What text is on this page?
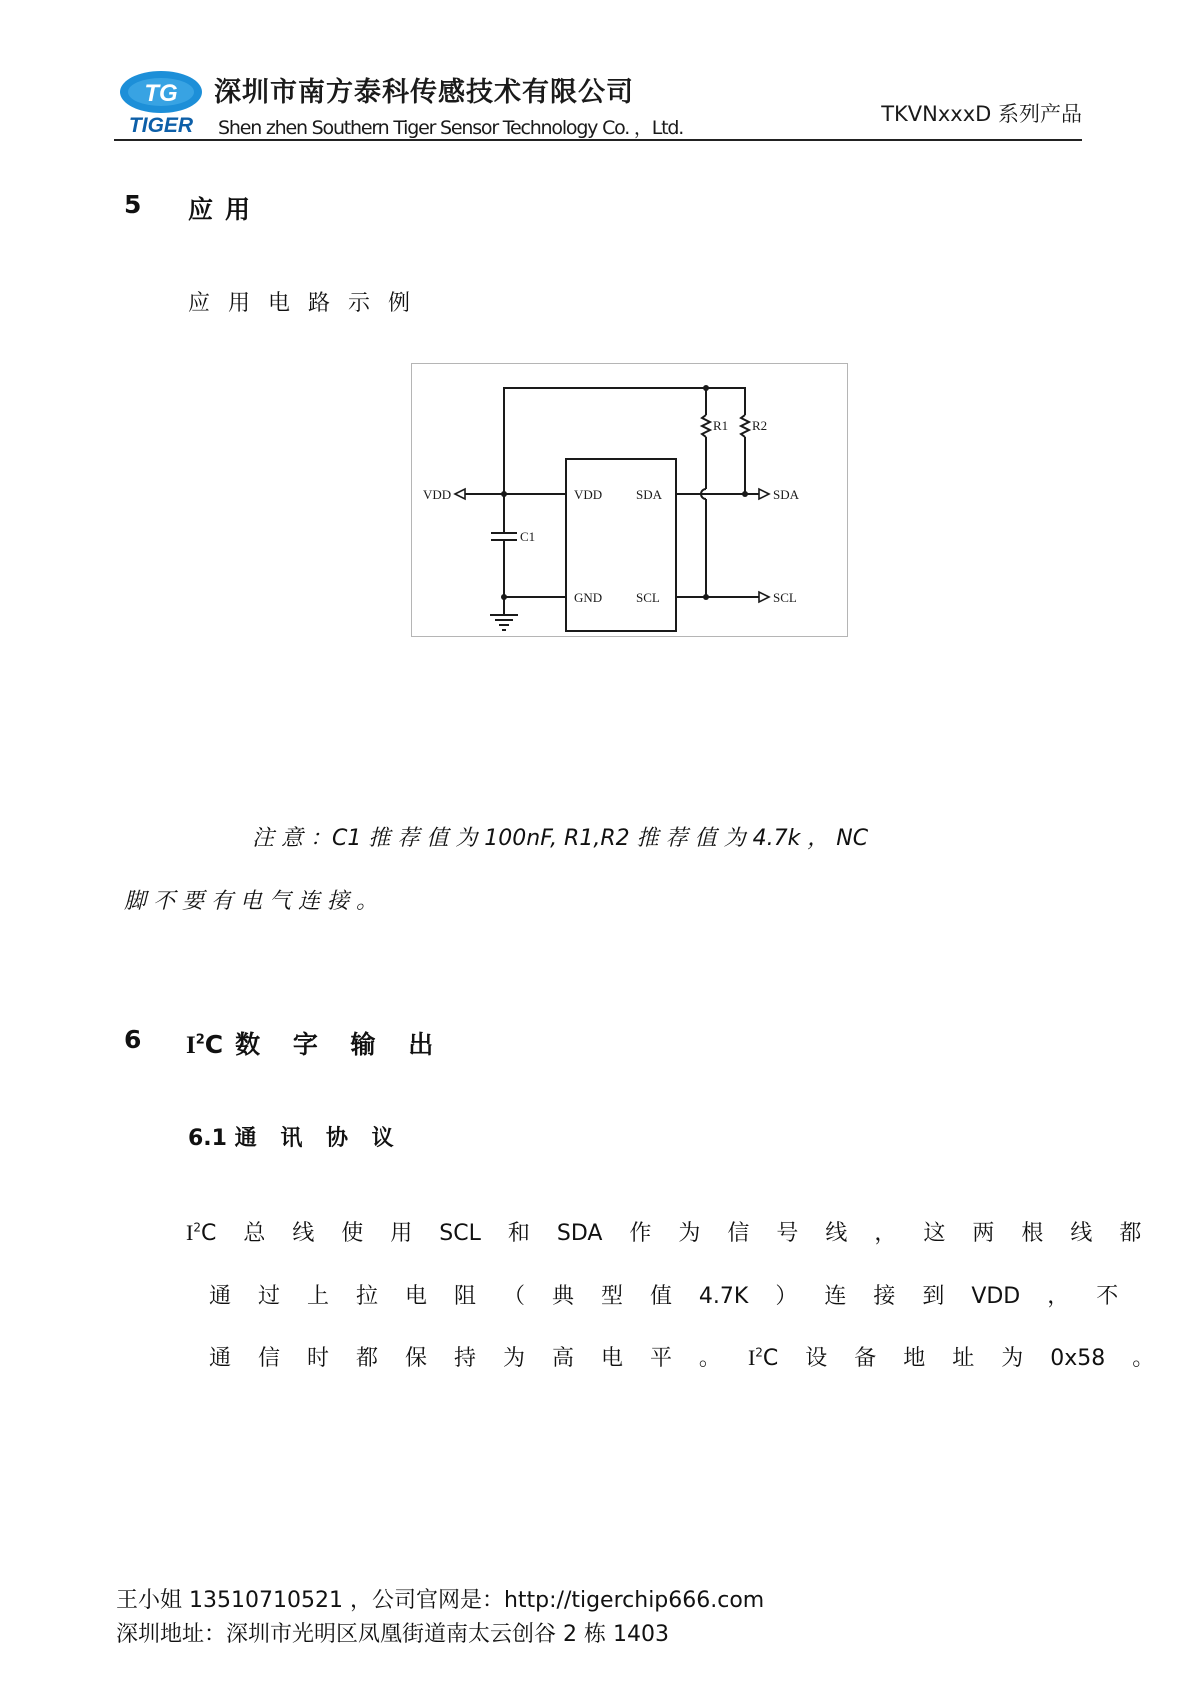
TG
TIGER
深圳市南方泰科传感技术有限公司
Shen zhen Southern Tiger Sensor Technology Co. ，Ltd.
TKVNxxxD 系列产品
5 应用
应用电路示例
VDD	VDD	SDA
GND	SCL
SDA
SCL
R1 R2
C1
注 意 ：C1 推 荐 值 为 100nF, R1,R2 推 荐 值 为 4.7k ， NC
脚 不 要 有 电 气 连 接 。
6 $I^2C$数 字 输 出
6.1 通 讯 协 议
$I^2C$ 总 线 使 用 SCL 和 SDA 作 为 信 号 线 ， 这 两 根 线 都
通 过 上 拉 电 阻 （ 典 型 值 4.7K ） 连 接 到 VDD ， 不
通 信 时 都 保 持 为 高 电 平 。 $I^2C$ 设 备 地 址 为 0x58 。
王小姐 13510710521 ，公司官网是：http://tigerchip666.com
深圳地址：深圳市光明区凤凰街道南太云创谷 2 栋 1403
